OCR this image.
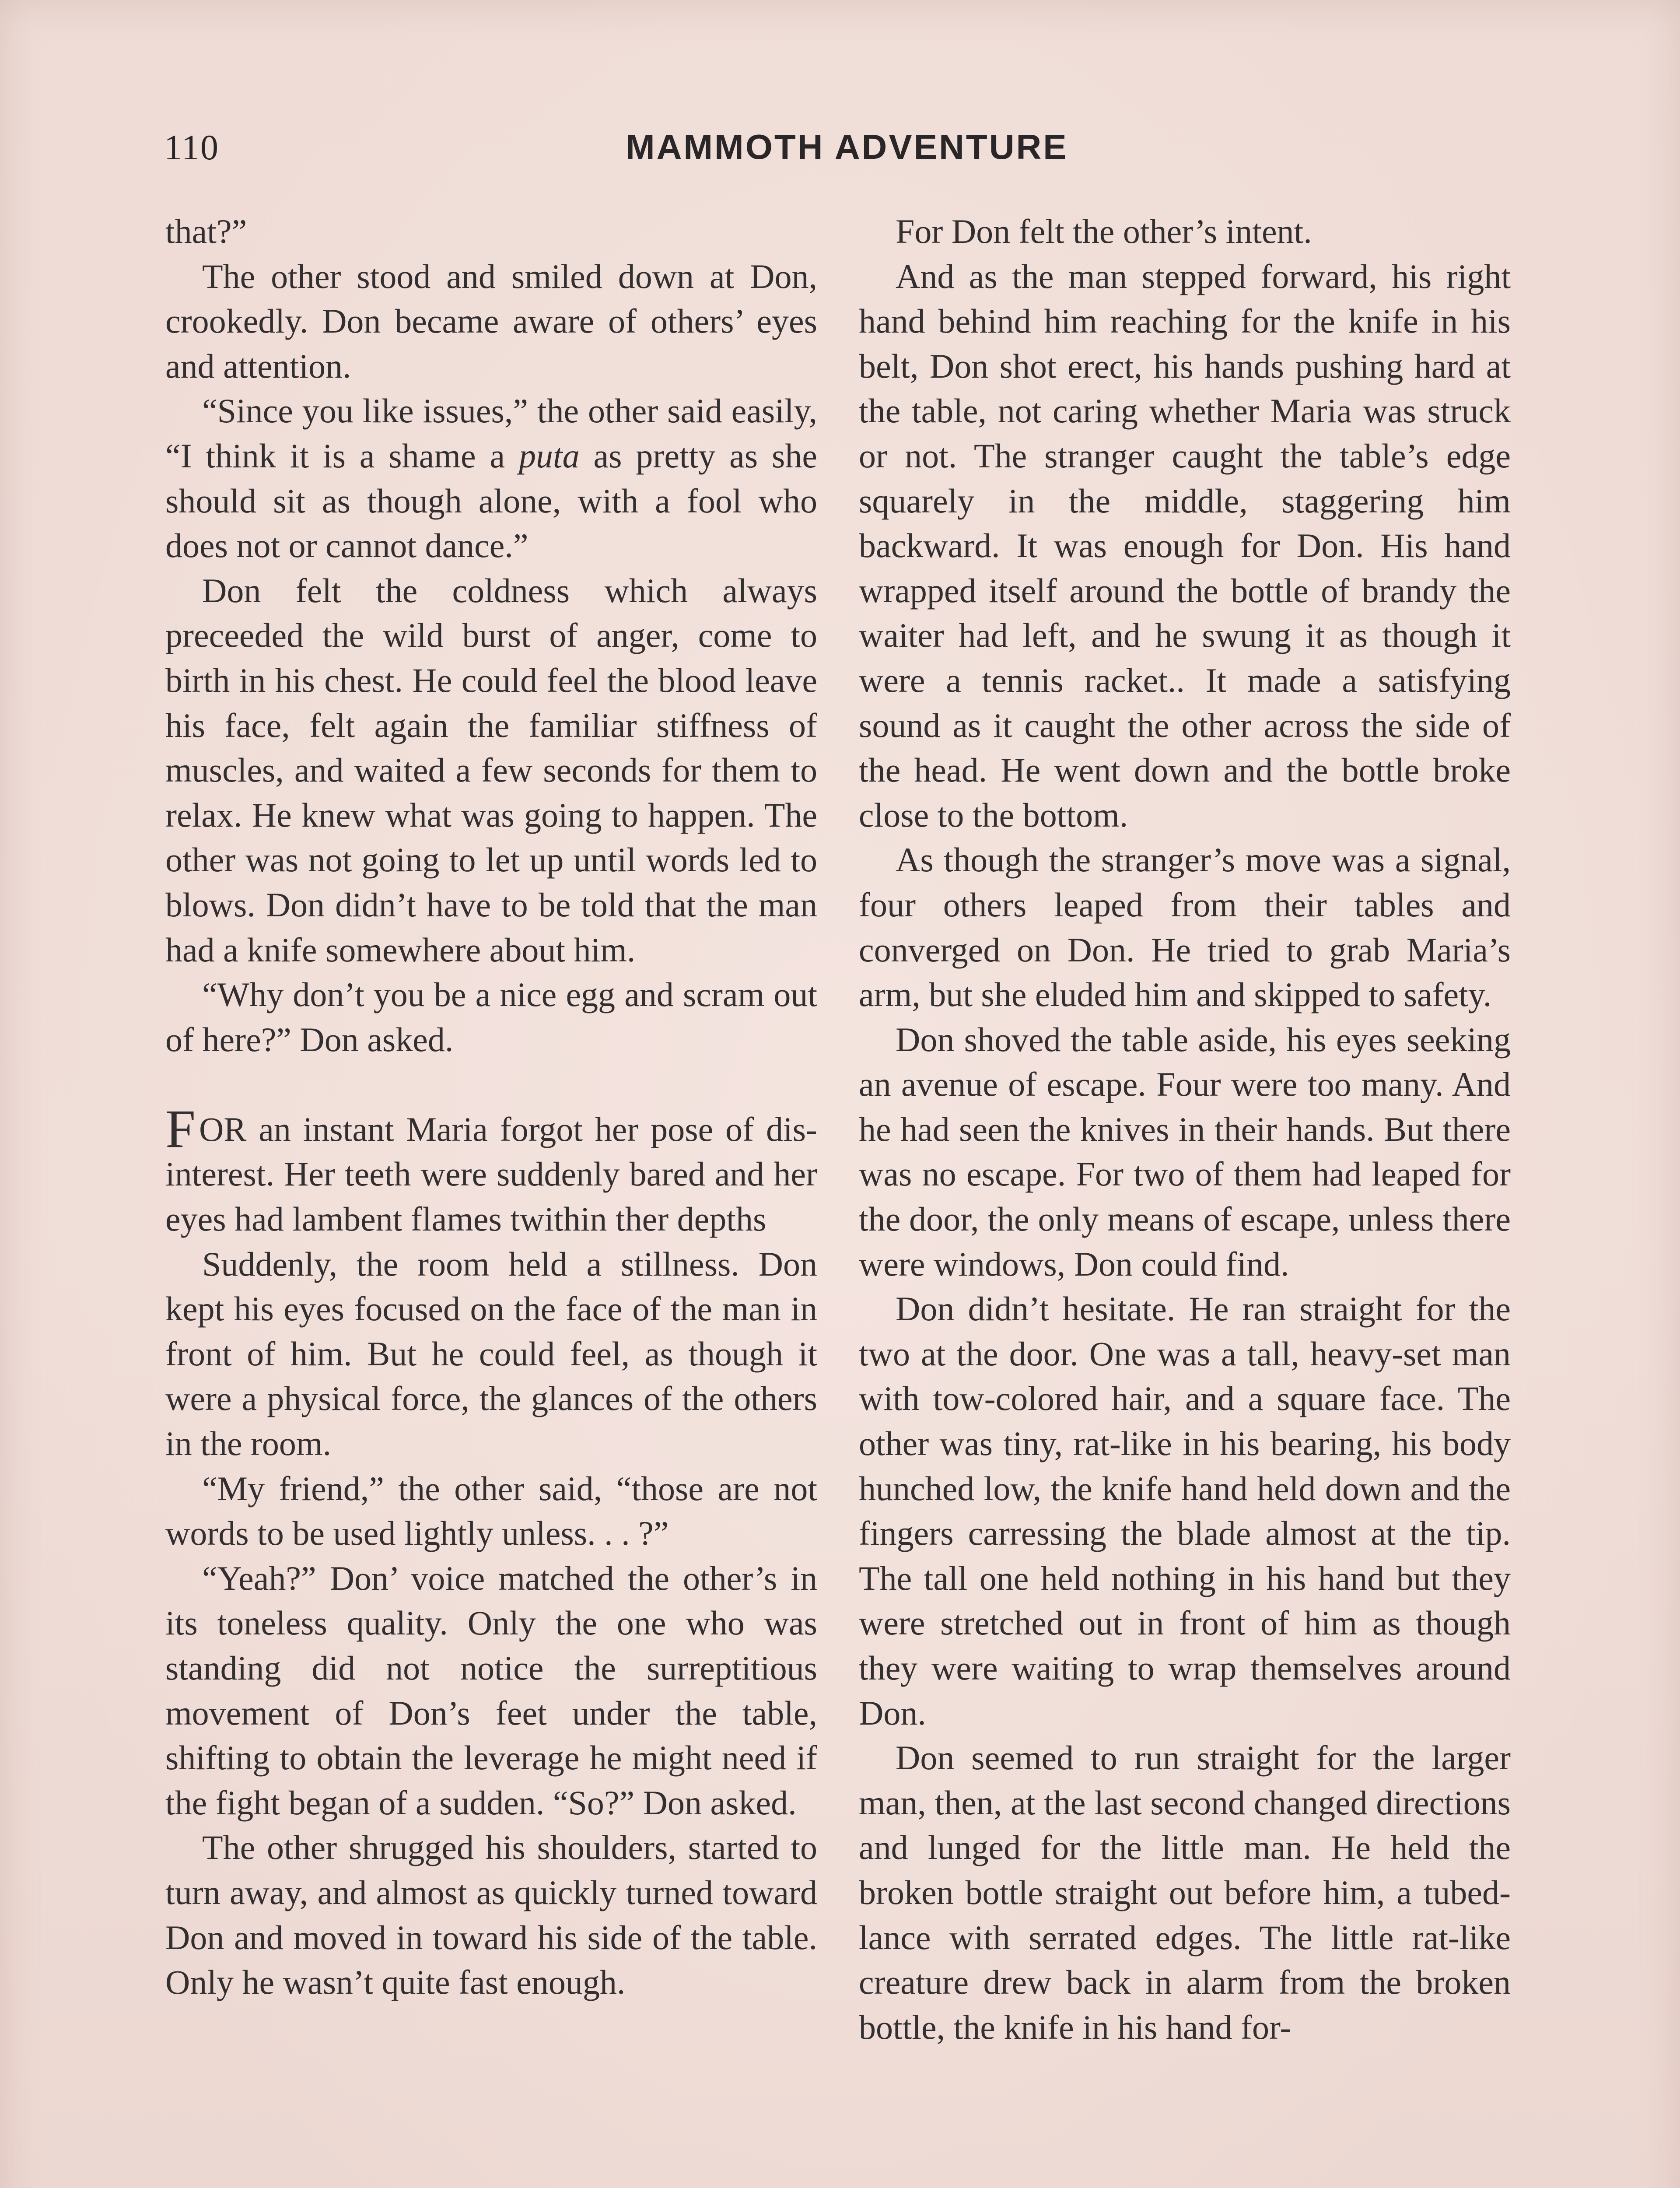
110	MAMMOTH ADVENTURE

that?”

The other stood and smiled down at Don, crookedly. Don became aware of others’ eyes and attention.

“Since you like issues,” the other said easily, “I think it is a shame a puta as pretty as she should sit as though alone, with a fool who does not or cannot dance.”

Don felt the coldness which always preceeded the wild burst of anger, come to birth in his chest. He could feel the blood leave his face, felt again the familiar stiffness of muscles, and waited a few seconds for them to relax. He knew what was going to happen. The other was not going to let up until words led to blows. Don didn’t have to be told that the man had a knife somewhere about him.

“Why don’t you be a nice egg and scram out of here?” Don asked.

FOR an instant Maria forgot her pose of dis-interest. Her teeth were suddenly bared and her eyes had lambent flames twithin ther depths

Suddenly, the room held a stillness. Don kept his eyes focused on the face of the man in front of him. But he could feel, as though it were a physical force, the glances of the others in the room.

“My friend,” the other said, “those are not words to be used lightly unless. . . ?”

“Yeah?” Don’ voice matched the other’s in its toneless quality. Only the one who was standing did not notice the surreptitious movement of Don’s feet under the table, shifting to obtain the leverage he might need if the fight began of a sudden. “So?” Don asked.

The other shrugged his shoulders, started to turn away, and almost as quickly turned toward Don and moved in toward his side of the table. Only he wasn’t quite fast enough.

For Don felt the other’s intent.

And as the man stepped forward, his right hand behind him reaching for the knife in his belt, Don shot erect, his hands pushing hard at the table, not caring whether Maria was struck or not. The stranger caught the table’s edge squarely in the middle, staggering him backward. It was enough for Don. His hand wrapped itself around the bottle of brandy the waiter had left, and he swung it as though it were a tennis racket.. It made a satisfying sound as it caught the other across the side of the head. He went down and the bottle broke close to the bottom.

As though the stranger’s move was a signal, four others leaped from their tables and converged on Don. He tried to grab Maria’s arm, but she eluded him and skipped to safety.

Don shoved the table aside, his eyes seeking an avenue of escape. Four were too many. And he had seen the knives in their hands. But there was no escape. For two of them had leaped for the door, the only means of escape, unless there were windows, Don could find.

Don didn’t hesitate. He ran straight for the two at the door. One was a tall, heavy-set man with tow-colored hair, and a square face. The other was tiny, rat-like in his bearing, his body hunched low, the knife hand held down and the fingers carressing the blade almost at the tip. The tall one held nothing in his hand but they were stretched out in front of him as though they were waiting to wrap themselves around Don.

Don seemed to run straight for the larger man, then, at the last second changed directions and lunged for the little man. He held the broken bottle straight out before him, a tubed-lance with serrated edges. The little rat-like creature drew back in alarm from the broken bottle, the knife in his hand for-
